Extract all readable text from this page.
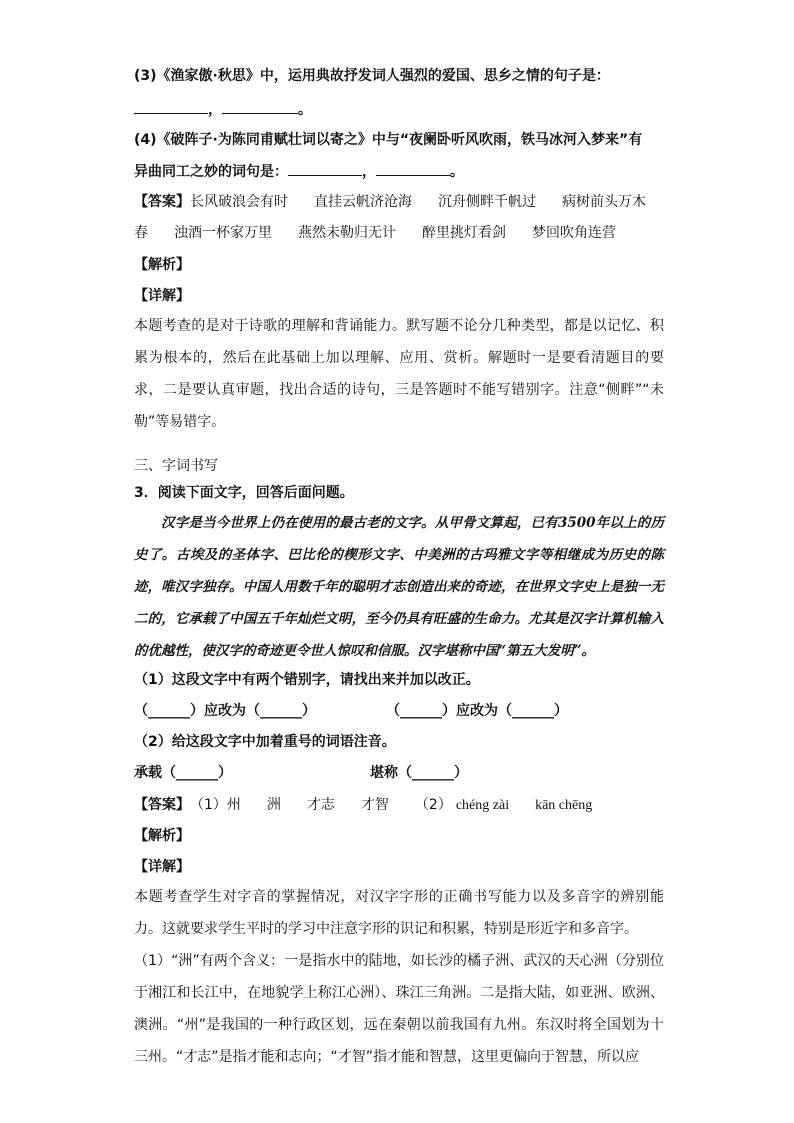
(3)《渔家傲·秋思》中，运用典故抒发词人强烈的爱国、思乡之情的句子是：
，	。
(4)《破阵子·为陈同甫赋壮词以寄之》中与“夜阑卧听风吹雨，铁马冰河入梦来”有
异曲同工之妙的词句是：	，	。
【答案】长风破浪会有时 直挂云帆济沧海 沉舟侧畔千帆过 病树前头万木
春 浊酒一杯家万里 燕然未勒归无计 醉里挑灯看剑 梦回吹角连营
【解析】
【详解】
本题考查的是对于诗歌的理解和背诵能力。默写题不论分几种类型，都是以记忆、积累为根本的，然后在此基础上加以理解、应用、赏析。解题时一是要看清题目的要求，二是要认真审题，找出合适的诗句，三是答题时不能写错别字。注意“侧畔”“未勒”等易错字。
三、字词书写
3．阅读下面文字，回答后面问题。
汉字是当今世界上仍在使用的最古老的文字。从甲骨文算起，已有3500年以上的历史了。古埃及的圣体字、巴比伦的楔形文字、中美洲的古玛雅文字等相继成为历史的陈迹，唯汉字独存。中国人用数千年的聪明才志创造出来的奇迹，在世界文字史上是独一无二的，它承载了中国五千年灿烂文明，至今仍具有旺盛的生命力。尤其是汉字计算机输入的优越性，使汉字的奇迹更令世人惊叹和信服。汉字堪称中国“第五大发明”。
（1）这段文字中有两个错别字，请找出来并加以改正。
（______）应改为（______）	（______）应改为（______）
（2）给这段文字中加着重号的词语注音。
承载（______）	堪称（______）
【答案】（1）州 洲 才志 才智 （2） chéng zài kān chēng
【解析】
【详解】
本题考查学生对字音的掌握情况，对汉字字形的正确书写能力以及多音字的辨别能力。这就要求学生平时的学习中注意字形的识记和积累，特别是形近字和多音字。
（1）“洲”有两个含义：一是指水中的陆地，如长沙的橘子洲、武汉的天心洲（分别位于湘江和长江中，在地貌学上称江心洲）、珠江三角洲。二是指大陆，如亚洲、欧洲、澳洲。“州”是我国的一种行政区划，远在秦朝以前我国有九州。东汉时将全国划为十三州。“才志”是指才能和志向；“才智”指才能和智慧，这里更偏向于智慧，所以应
